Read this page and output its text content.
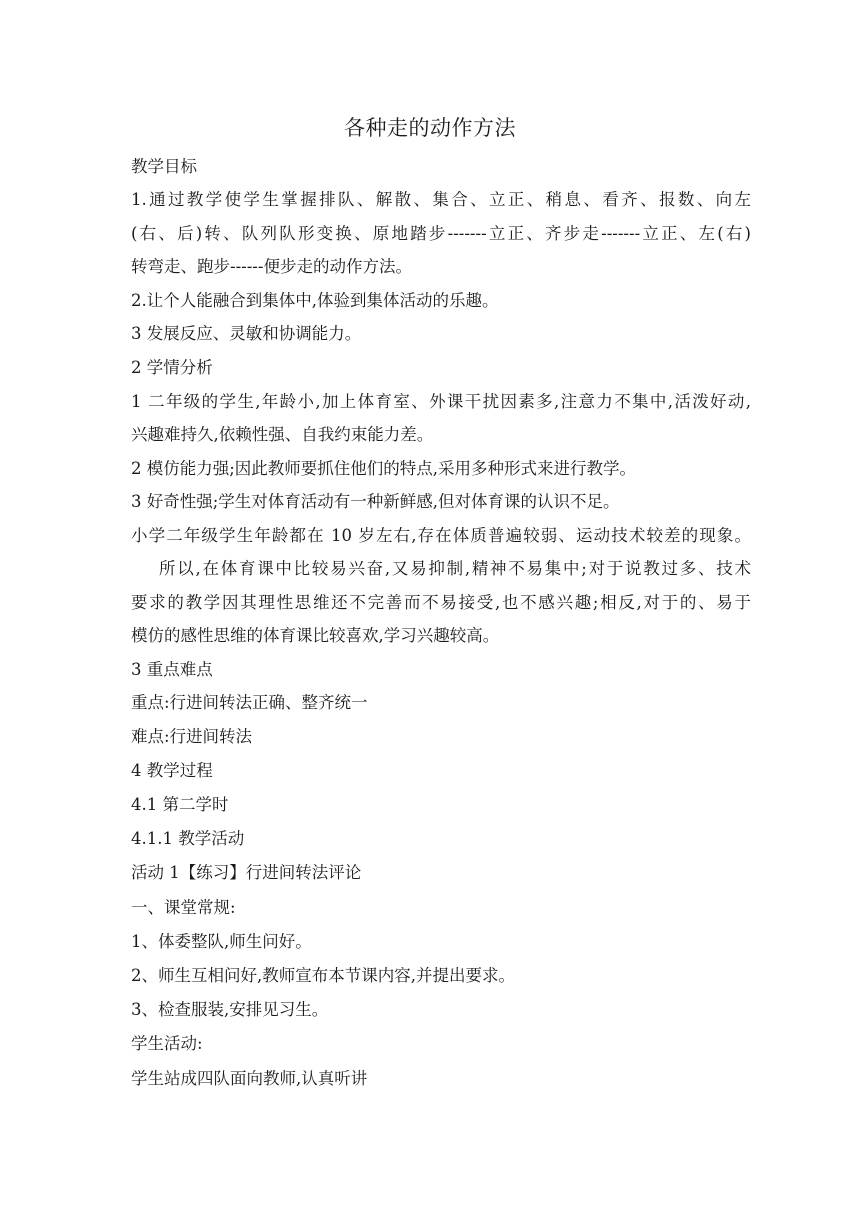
各种走的动作方法
教学目标
1.通过教学使学生掌握排队、解散、集合、立正、稍息、看齐、报数、向左
(右、后)转、队列队形变换、原地踏步-------立正、齐步走-------立正、左(右)
转弯走、跑步------便步走的动作方法。
2.让个人能融合到集体中,体验到集体活动的乐趣。
3 发展反应、灵敏和协调能力。
2 学情分析
1 二年级的学生,年龄小,加上体育室、外课干扰因素多,注意力不集中,活泼好动,
兴趣难持久,依赖性强、自我约束能力差。
2 模仿能力强;因此教师要抓住他们的特点,采用多种形式来进行教学。
3 好奇性强;学生对体育活动有一种新鲜感,但对体育课的认识不足。
小学二年级学生年龄都在 10 岁左右,存在体质普遍较弱、运动技术较差的现象。
所以,在体育课中比较易兴奋,又易抑制,精神不易集中;对于说教过多、技术
要求的教学因其理性思维还不完善而不易接受,也不感兴趣;相反,对于的、易于
模仿的感性思维的体育课比较喜欢,学习兴趣较高。
3 重点难点
重点:行进间转法正确、整齐统一
难点:行进间转法
4 教学过程
4.1 第二学时
4.1.1 教学活动
活动 1【练习】行进间转法评论
一、课堂常规:
1、体委整队,师生问好。
2、师生互相问好,教师宣布本节课内容,并提出要求。
3、检查服装,安排见习生。
学生活动:
学生站成四队面向教师,认真听讲
